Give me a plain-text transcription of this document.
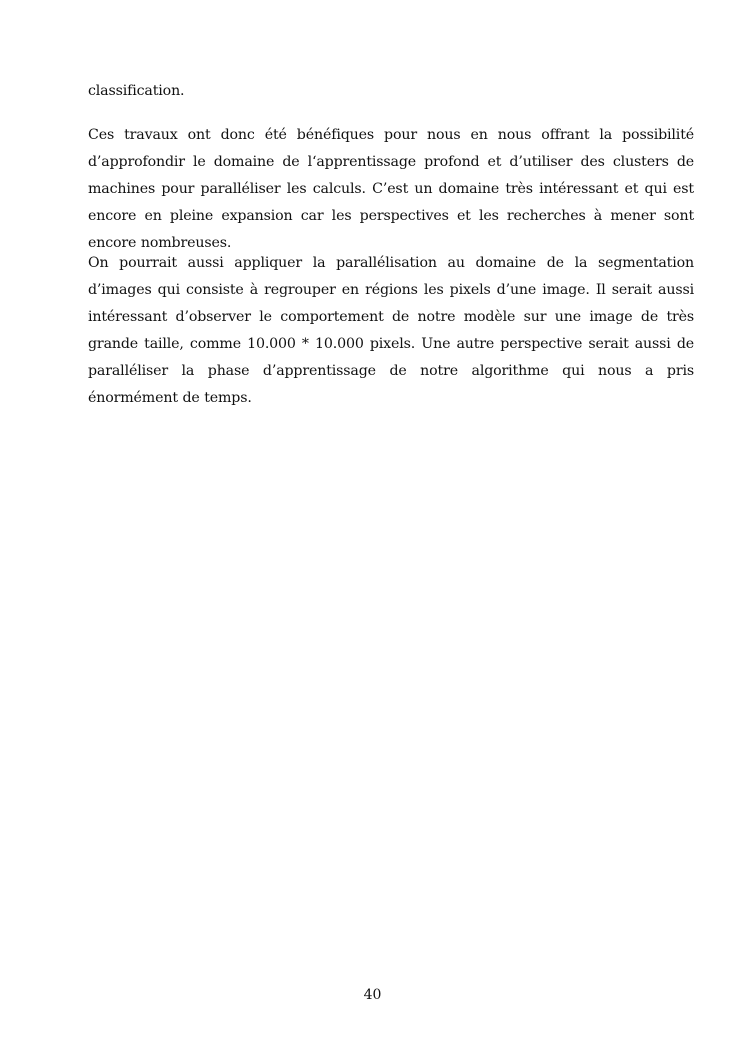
classification.

Ces travaux ont donc été bénéfiques pour nous en nous offrant la possibilité d’approfondir le domaine de l‘apprentissage profond et d’utiliser des clusters de machines pour paralléliser les calculs. C’est un domaine très intéressant et qui est encore en pleine expansion car les perspectives et les recherches à mener sont encore nombreuses.

On pourrait aussi appliquer la parallélisation au domaine de la segmentation d’images qui consiste à regrouper en régions les pixels d’une image. Il serait aussi intéressant d’observer le comportement de notre modèle sur une image de très grande taille, comme 10.000 * 10.000 pixels. Une autre perspective serait aussi de paralléliser la phase d’apprentissage de notre algorithme qui nous a pris énormément de temps.

40
